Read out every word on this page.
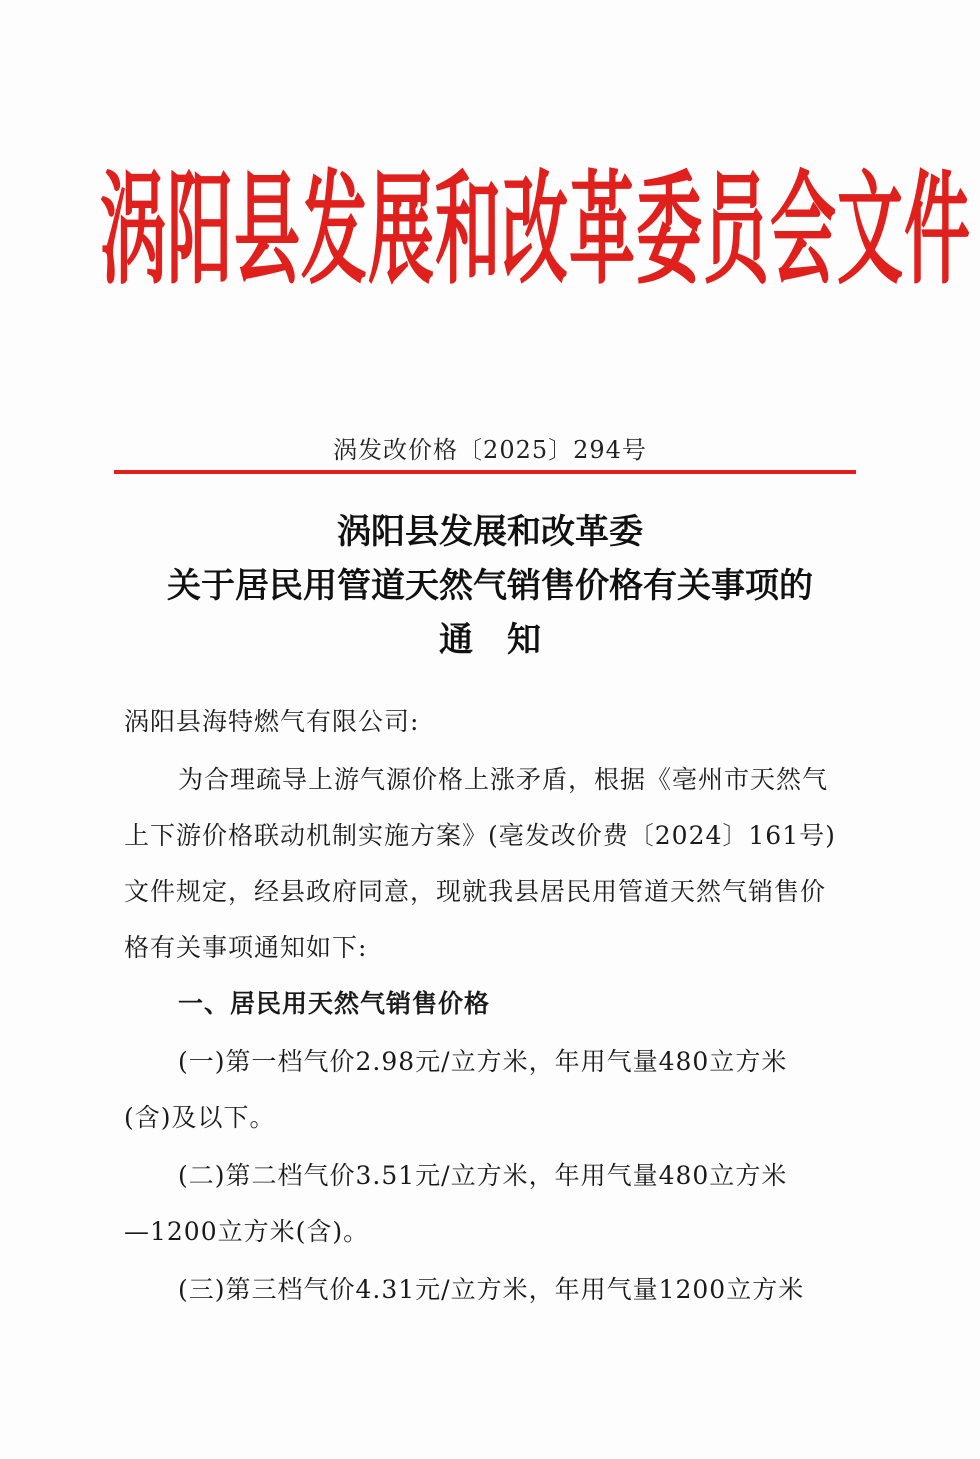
涡阳县发展和改革委员会文件
涡发改价格〔2025〕294号
涡阳县发展和改革委
关于居民用管道天然气销售价格有关事项的
通知
涡阳县海特燃气有限公司:
为合理疏导上游气源价格上涨矛盾，根据《亳州市天然气
上下游价格联动机制实施方案》(亳发改价费〔2024〕161号)
文件规定，经县政府同意，现就我县居民用管道天然气销售价
格有关事项通知如下:
一、居民用天然气销售价格
(一)第一档气价2.98元/立方米，年用气量480立方米
(含)及以下。
(二)第二档气价3.51元/立方米，年用气量480立方米
—1200立方米(含)。
(三)第三档气价4.31元/立方米，年用气量1200立方米
